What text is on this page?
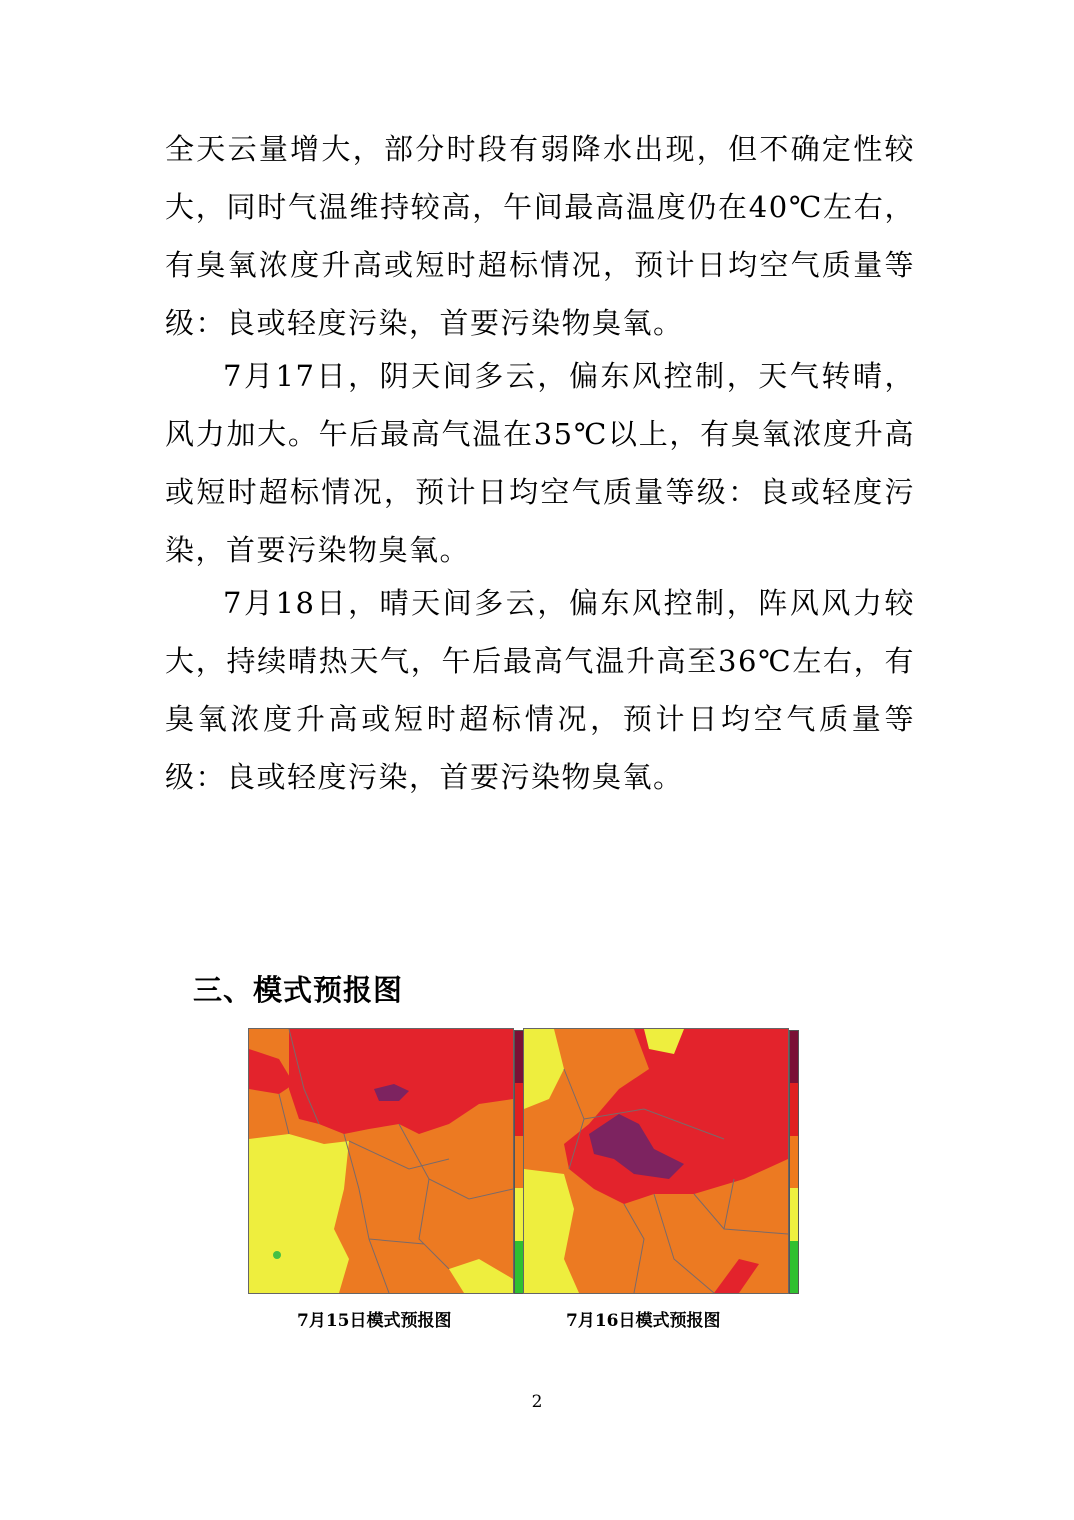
全天云量增大，部分时段有弱降水出现，但不确定性较大，同时气温维持较高，午间最高温度仍在40℃左右，有臭氧浓度升高或短时超标情况，预计日均空气质量等级：良或轻度污染，首要污染物臭氧。

7月17日，阴天间多云，偏东风控制，天气转晴，风力加大。午后最高气温在35℃以上，有臭氧浓度升高或短时超标情况，预计日均空气质量等级：良或轻度污染，首要污染物臭氧。

7月18日，晴天间多云，偏东风控制，阵风风力较大，持续晴热天气，午后最高气温升高至36℃左右，有臭氧浓度升高或短时超标情况，预计日均空气质量等级：良或轻度污染，首要污染物臭氧。

三、模式预报图

7月15日模式预报图	7月16日模式预报图

2
